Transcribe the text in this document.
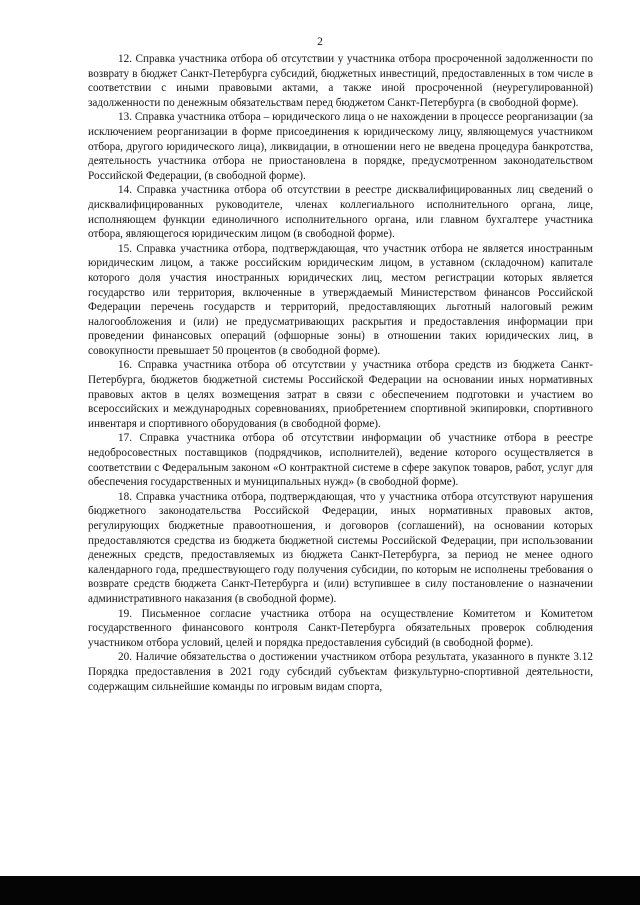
2

12. Справка участника отбора об отсутствии у участника отбора просроченной задолженности по возврату в бюджет Санкт-Петербурга субсидий, бюджетных инвестиций, предоставленных в том числе в соответствии с иными правовыми актами, а также иной просроченной (неурегулированной) задолженности по денежным обязательствам перед бюджетом Санкт-Петербурга (в свободной форме).

13. Справка участника отбора – юридического лица о не нахождении в процессе реорганизации (за исключением реорганизации в форме присоединения к юридическому лицу, являющемуся участником отбора, другого юридического лица), ликвидации, в отношении него не введена процедура банкротства, деятельность участника отбора не приостановлена в порядке, предусмотренном законодательством Российской Федерации, (в свободной форме).

14. Справка участника отбора об отсутствии в реестре дисквалифицированных лиц сведений о дисквалифицированных руководителе, членах коллегиального исполнительного органа, лице, исполняющем функции единоличного исполнительного органа, или главном бухгалтере участника отбора, являющегося юридическим лицом (в свободной форме).

15. Справка участника отбора, подтверждающая, что участник отбора не является иностранным юридическим лицом, а также российским юридическим лицом, в уставном (складочном) капитале которого доля участия иностранных юридических лиц, местом регистрации которых является государство или территория, включенные в утверждаемый Министерством финансов Российской Федерации перечень государств и территорий, предоставляющих льготный налоговый режим налогообложения и (или) не предусматривающих раскрытия и предоставления информации при проведении финансовых операций (офшорные зоны) в отношении таких юридических лиц, в совокупности превышает 50 процентов (в свободной форме).

16. Справка участника отбора об отсутствии у участника отбора средств из бюджета Санкт-Петербурга, бюджетов бюджетной системы Российской Федерации на основании иных нормативных правовых актов в целях возмещения затрат в связи с обеспечением подготовки и участием во всероссийских и международных соревнованиях, приобретением спортивной экипировки, спортивного инвентаря и спортивного оборудования (в свободной форме).

17. Справка участника отбора об отсутствии информации об участнике отбора в реестре недобросовестных поставщиков (подрядчиков, исполнителей), ведение которого осуществляется в соответствии с Федеральным законом «О контрактной системе в сфере закупок товаров, работ, услуг для обеспечения государственных и муниципальных нужд» (в свободной форме).

18. Справка участника отбора, подтверждающая, что у участника отбора отсутствуют нарушения бюджетного законодательства Российской Федерации, иных нормативных правовых актов, регулирующих бюджетные правоотношения, и договоров (соглашений), на основании которых предоставляются средства из бюджета бюджетной системы Российской Федерации, при использовании денежных средств, предоставляемых из бюджета Санкт-Петербурга, за период не менее одного календарного года, предшествующего году получения субсидии, по которым не исполнены требования о возврате средств бюджета Санкт-Петербурга и (или) вступившее в силу постановление о назначении административного наказания (в свободной форме).

19. Письменное согласие участника отбора на осуществление Комитетом и Комитетом государственного финансового контроля Санкт-Петербурга обязательных проверок соблюдения участником отбора условий, целей и порядка предоставления субсидий (в свободной форме).

20. Наличие обязательства о достижении участником отбора результата, указанного в пункте 3.12 Порядка предоставления в 2021 году субсидий субъектам физкультурно-спортивной деятельности, содержащим сильнейшие команды по игровым видам спорта,
